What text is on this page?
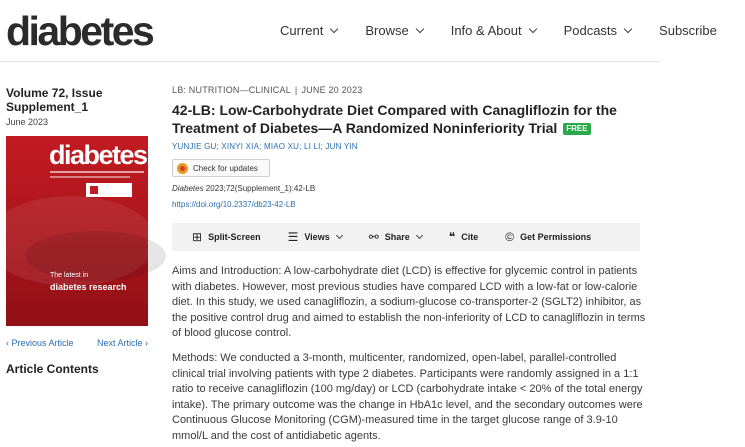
diabetes	Current	Browse	Info & About	Podcasts	Subscribe
Volume 72, Issue Supplement_1
June 2023
diabetes
The latest in
diabetes research
‹ Previous Article	Next Article ›
Article Contents
LB: NUTRITION—CLINICAL | JUNE 20 2023
42-LB: Low-Carbohydrate Diet Compared with Canagliflozin for the Treatment of Diabetes—A Randomized Noninferiority Trial FREE
YUNJIE GU; XINYI XIA; MIAO XU; LI LI; JUN YIN
Check for updates
Diabetes 2023;72(Supplement_1):42-LB
https://doi.org/10.2337/db23-42-LB
⊞ Split-Screen ☰ Views	⚯ Share	❝ Cite © Get Permissions
Aims and Introduction: A low-carbohydrate diet (LCD) is effective for glycemic control in patients with diabetes. However, most previous studies have compared LCD with a low-fat or low-calorie diet. In this study, we used canagliflozin, a sodium-glucose co-transporter-2 (SGLT2) inhibitor, as the positive control drug and aimed to establish the non-inferiority of LCD to canagliflozin in terms of blood glucose control.
Methods: We conducted a 3-month, multicenter, randomized, open-label, parallel-controlled clinical trial involving patients with type 2 diabetes. Participants were randomly assigned in a 1:1 ratio to receive canagliflozin (100 mg/day) or LCD (carbohydrate intake < 20% of the total energy intake). The primary outcome was the change in HbA1c level, and the secondary outcomes were Continuous Glucose Monitoring (CGM)-measured time in the target glucose range of 3.9-10 mmol/L and the cost of antidiabetic agents.
